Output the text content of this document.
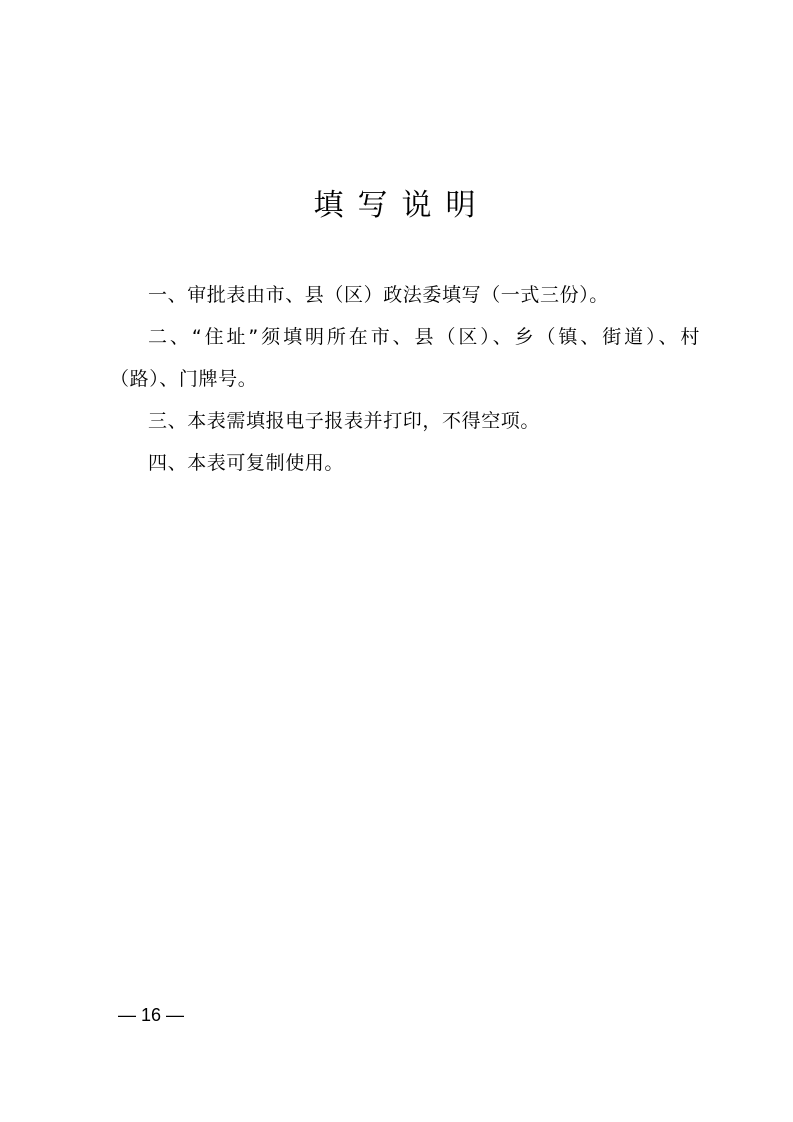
填写说明

一、审批表由市、县（区）政法委填写（一式三份）。

二、“住址”须填明所在市、县（区）、乡（镇、街道）、村（路）、门牌号。

三、本表需填报电子报表并打印，不得空项。

四、本表可复制使用。

— 16 —
